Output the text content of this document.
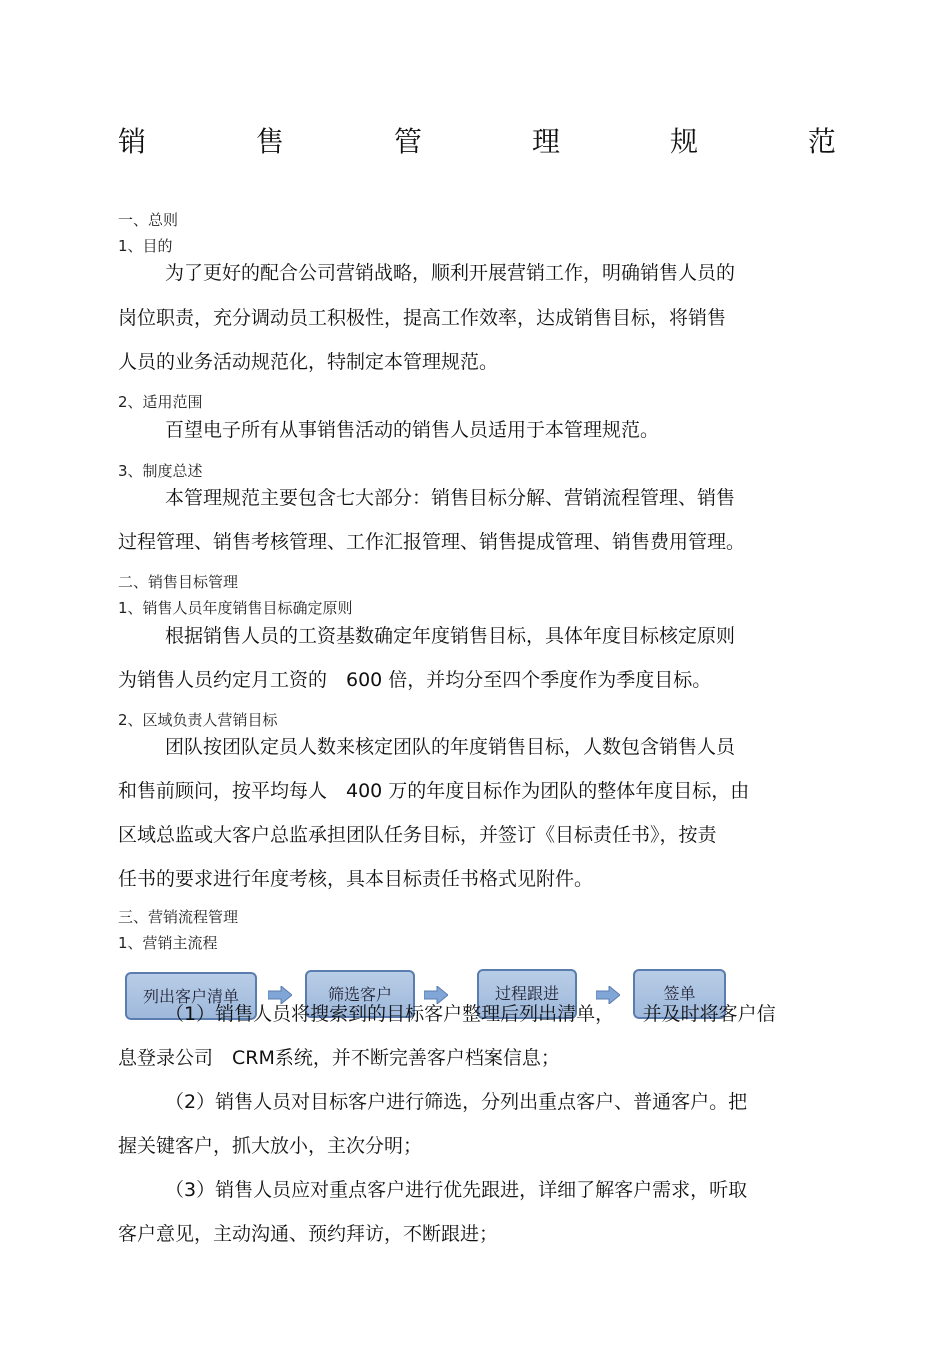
销	售	管	理	规	范
一、总则
1、目的
为了更好的配合公司营销战略，顺利开展营销工作，明确销售人员的
岗位职责，充分调动员工积极性，提高工作效率，达成销售目标，将销售
人员的业务活动规范化，特制定本管理规范。
2、适用范围
百望电子所有从事销售活动的销售人员适用于本管理规范。
3、制度总述
本管理规范主要包含七大部分：销售目标分解、营销流程管理、销售
过程管理、销售考核管理、工作汇报管理、销售提成管理、销售费用管理。
二、销售目标管理
1、销售人员年度销售目标确定原则
根据销售人员的工资基数确定年度销售目标，具体年度目标核定原则
为销售人员约定月工资的　600 倍，并均分至四个季度作为季度目标。
2、区域负责人营销目标
团队按团队定员人数来核定团队的年度销售目标，人数包含销售人员
和售前顾问，按平均每人　400 万的年度目标作为团队的整体年度目标，由
区域总监或大客户总监承担团队任务目标，并签订《目标责任书》，按责
任书的要求进行年度考核，具本目标责任书格式见附件。
三、营销流程管理
1、营销主流程
列出客户清单	筛选客户	过程跟进	签单
（1）销售人员将搜索到的目标客户整理后列出清单，　　并及时将客户信
息登录公司　CRM系统，并不断完善客户档案信息；
（2）销售人员对目标客户进行筛选，分列出重点客户、普通客户。把
握关键客户，抓大放小，主次分明；
（3）销售人员应对重点客户进行优先跟进，详细了解客户需求，听取
客户意见，主动沟通、预约拜访，不断跟进；
